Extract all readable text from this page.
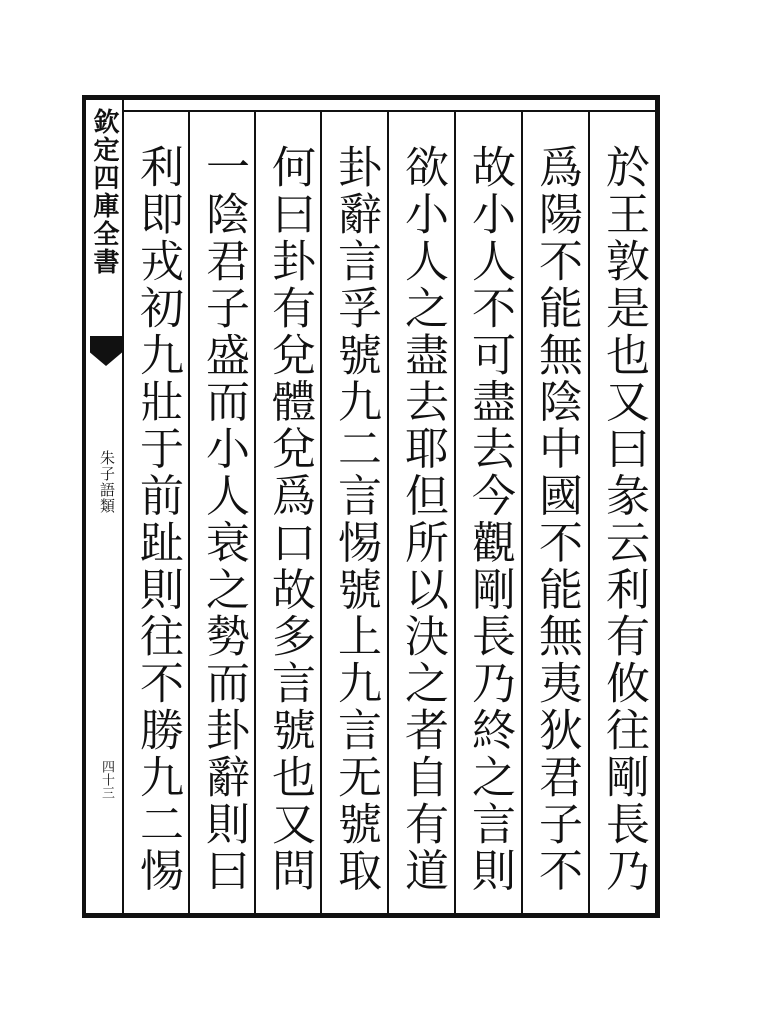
欽定四庫全書
朱子語類
四十三
於王敦是也又曰彖云利有攸往剛長乃
爲陽不能無陰中國不能無夷狄君子不
故小人不可盡去今觀剛長乃終之言則
欲小人之盡去耶但所以決之者自有道
卦辭言孚號九二言惕號上九言无號取
何曰卦有兌體兌爲口故多言號也又問
一陰君子盛而小人衰之勢而卦辭則曰
利即戎初九壯于前趾則往不勝九二惕
